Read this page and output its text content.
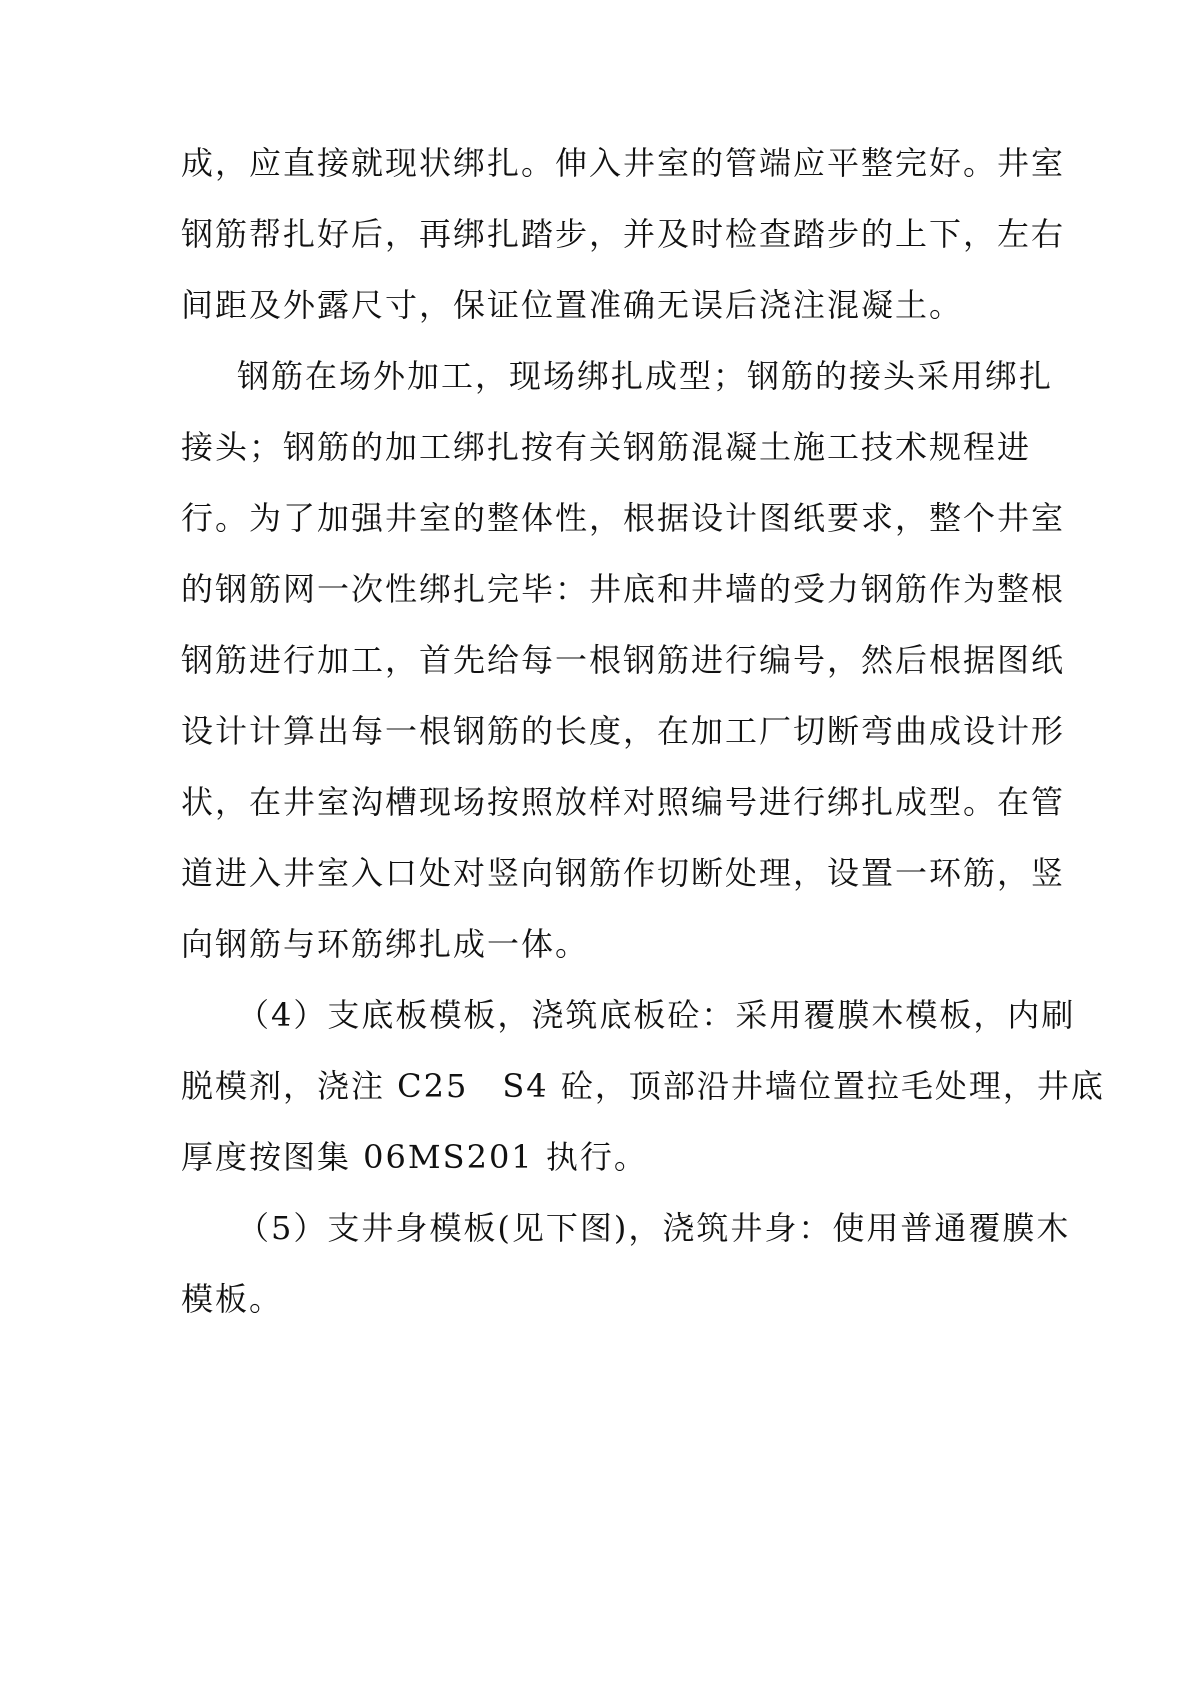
成，应直接就现状绑扎。伸入井室的管端应平整完好。井室
钢筋帮扎好后，再绑扎踏步，并及时检查踏步的上下，左右
间距及外露尺寸，保证位置准确无误后浇注混凝土。
钢筋在场外加工，现场绑扎成型；钢筋的接头采用绑扎
接头；钢筋的加工绑扎按有关钢筋混凝土施工技术规程进
行。为了加强井室的整体性，根据设计图纸要求，整个井室
的钢筋网一次性绑扎完毕：井底和井墙的受力钢筋作为整根
钢筋进行加工，首先给每一根钢筋进行编号，然后根据图纸
设计计算出每一根钢筋的长度，在加工厂切断弯曲成设计形
状，在井室沟槽现场按照放样对照编号进行绑扎成型。在管
道进入井室入口处对竖向钢筋作切断处理，设置一环筋，竖
向钢筋与环筋绑扎成一体。
（4）支底板模板，浇筑底板砼：采用覆膜木模板，内刷
脱模剂，浇注 C25　S4 砼，顶部沿井墙位置拉毛处理，井底
厚度按图集 06MS201 执行。
（5）支井身模板(见下图)，浇筑井身：使用普通覆膜木
模板。
